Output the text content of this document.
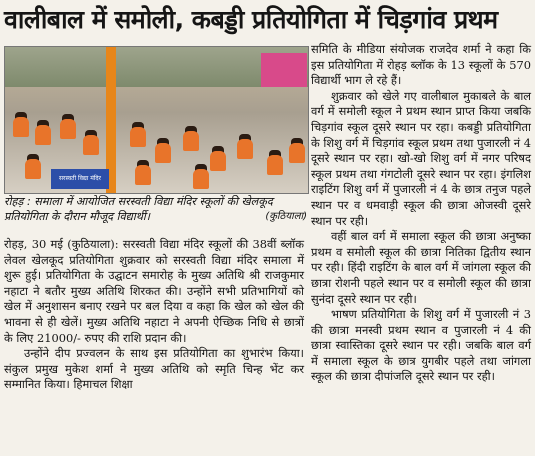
वालीबाल में समोली, कबड्डी प्रतियोगिता में चिड़गांव प्रथम
सरस्वती विद्या मंदिर
रोहड़ : समाला में आयोजित सरस्वती विद्या मंदिर स्कूलों की खेलकूद प्रतियोगिता के दौरान मौजूद विद्यार्थी।	(कुठियाला)

रोहड़, 30 मई (कुठियाला): सरस्वती विद्या मंदिर स्कूलों की 38वीं ब्लॉक लेवल खेलकूद प्रतियोगिता शुक्रवार को सरस्वती विद्या मंदिर समाला में शुरू हुई। प्रतियोगिता के उद्घाटन समारोह के मुख्य अतिथि श्री राजकुमार नहाटा ने बतौर मुख्य अतिथि शिरकत की। उन्होंने सभी प्रतिभागियों को खेल में अनुशासन बनाए रखने पर बल दिया व कहा कि खेल को खेल की भावना से ही खेलें। मुख्य अतिथि नहाटा ने अपनी ऐच्छिक निधि से छात्रों के लिए 21000/- रुपए की राशि प्रदान की।

उन्होंने दीप प्रज्वलन के साथ इस प्रतियोगिता का शुभारंभ किया। संकुल प्रमुख मुकेश शर्मा ने मुख्य अतिथि को स्मृति चिन्ह भेंट कर सम्मानित किया। हिमाचल शिक्षा

समिति के मीडिया संयोजक राजदेव शर्मा ने कहा कि इस प्रतियोगिता में रोहड़ ब्लॉक के 13 स्कूलों के 570 विद्यार्थी भाग ले रहे हैं।

शुक्रवार को खेले गए वालीबाल मुकाबले के बाल वर्ग में समोली स्कूल ने प्रथम स्थान प्राप्त किया जबकि चिड़गांव स्कूल दूसरे स्थान पर रहा। कबड्डी प्रतियोगिता के शिशु वर्ग में चिड़गांव स्कूल प्रथम तथा पुजारली नं 4 दूसरे स्थान पर रहा। खो-खो शिशु वर्ग में नगर परिषद स्कूल प्रथम तथा गंगटोली दूसरे स्थान पर रहा। इंगलिश राइटिंग शिशु वर्ग में पुजारली नं 4 के छात्र तनुज पहले स्थान पर व धमवाड़ी स्कूल की छात्रा ओजस्वी दूसरे स्थान पर रही।

वहीं बाल वर्ग में समाला स्कूल की छात्रा अनुष्का प्रथम व समोली स्कूल की छात्रा नितिका द्वितीय स्थान पर रही। हिंदी राइटिंग के बाल वर्ग में जांगला स्कूल की छात्रा रोशनी पहले स्थान पर व समोली स्कूल की छात्रा सुनंदा दूसरे स्थान पर रही।

भाषण प्रतियोगिता के शिशु वर्ग में पुजारली नं 3 की छात्रा मनस्वी प्रथम स्थान व पुजारली नं 4 की छात्रा स्वास्तिका दूसरे स्थान पर रही। जबकि बाल वर्ग में समाला स्कूल के छात्र युगबीर पहले तथा जांगला स्कूल की छात्रा दीपांजलि दूसरे स्थान पर रही।
